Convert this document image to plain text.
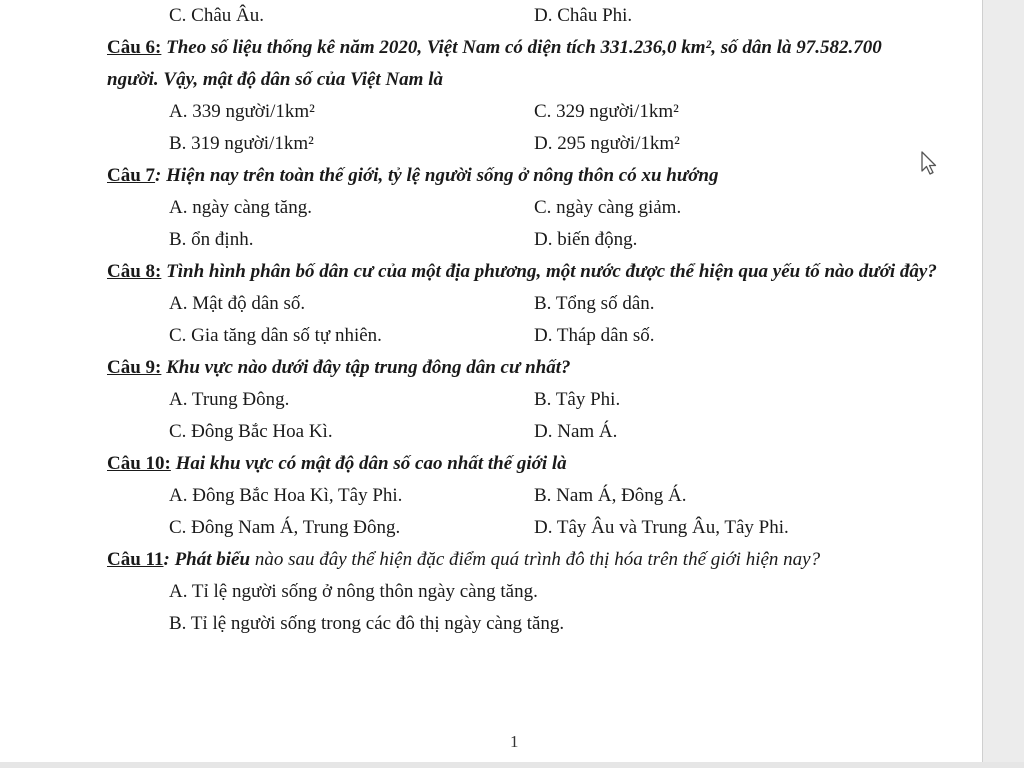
C. Châu Âu.	D. Châu Phi.
Câu 6: Theo số liệu thống kê năm 2020, Việt Nam có diện tích 331.236,0 km², số dân là 97.582.700 người. Vậy, mật độ dân số của Việt Nam là
A. 339 người/1km²	C. 329 người/1km²
B. 319 người/1km²	D. 295 người/1km²
Câu 7: Hiện nay trên toàn thế giới, tỷ lệ người sống ở nông thôn có xu hướng
A. ngày càng tăng.	C. ngày càng giảm.
B. ổn định.	D. biến động.
Câu 8: Tình hình phân bố dân cư của một địa phương, một nước được thể hiện qua yếu tố nào dưới đây?
A. Mật độ dân số.	B. Tổng số dân.
C. Gia tăng dân số tự nhiên.	D. Tháp dân số.
Câu 9: Khu vực nào dưới đây tập trung đông dân cư nhất?
A. Trung Đông.	B. Tây Phi.
C. Đông Bắc Hoa Kì.	D. Nam Á.
Câu 10: Hai khu vực có mật độ dân số cao nhất thế giới là
A. Đông Bắc Hoa Kì, Tây Phi.	B. Nam Á, Đông Á.
C. Đông Nam Á, Trung Đông.	D. Tây Âu và Trung Âu, Tây Phi.
Câu 11: Phát biểu nào sau đây thể hiện đặc điểm quá trình đô thị hóa trên thế giới hiện nay?
A. Tỉ lệ người sống ở nông thôn ngày càng tăng.
B. Tỉ lệ người sống trong các đô thị ngày càng tăng.
1
